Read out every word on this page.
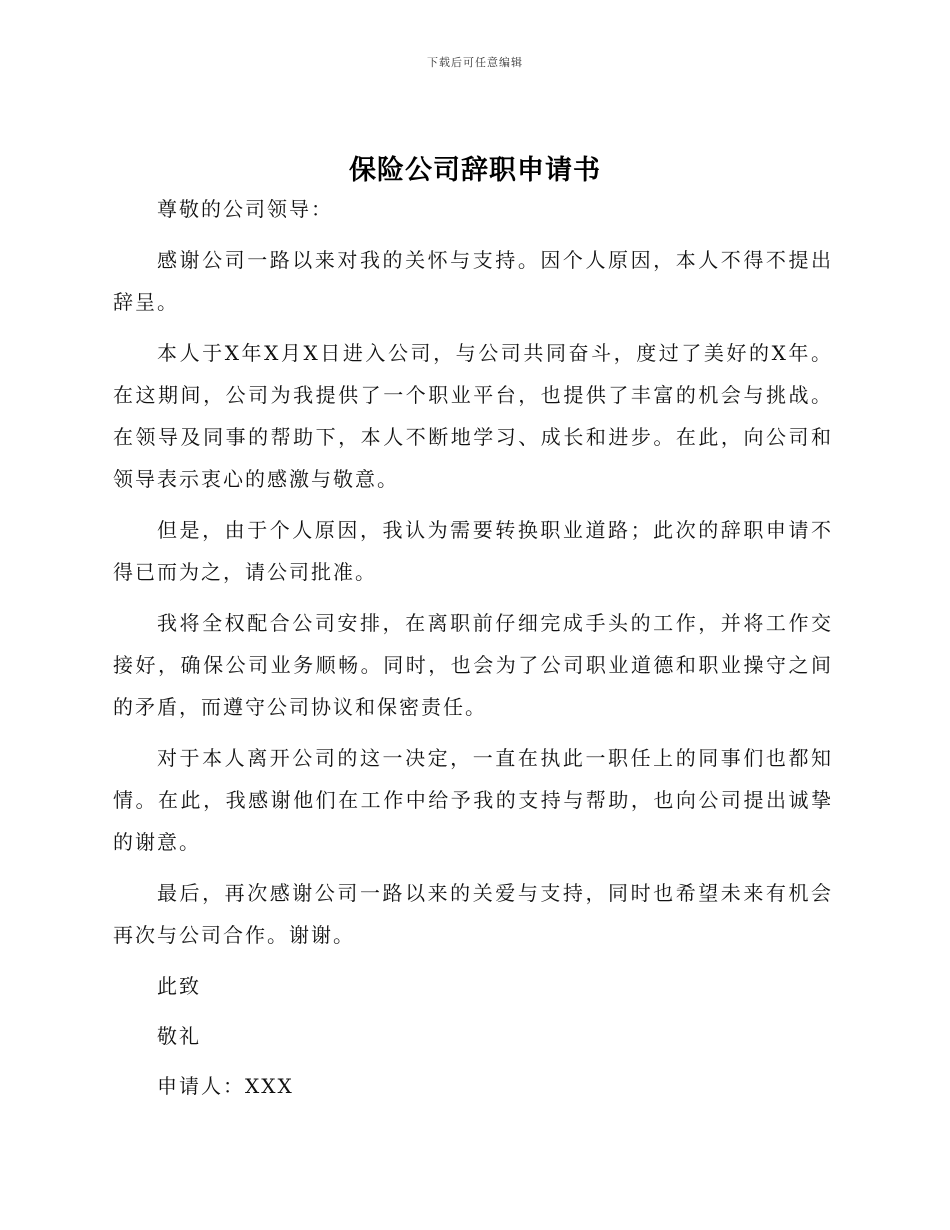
下载后可任意编辑
保险公司辞职申请书

尊敬的公司领导：

感谢公司一路以来对我的关怀与支持。因个人原因，本人不得不提出辞呈。

本人于X年X月X日进入公司，与公司共同奋斗，度过了美好的X年。在这期间，公司为我提供了一个职业平台，也提供了丰富的机会与挑战。在领导及同事的帮助下，本人不断地学习、成长和进步。在此，向公司和领导表示衷心的感激与敬意。

但是，由于个人原因，我认为需要转换职业道路；此次的辞职申请不得已而为之，请公司批准。

我将全权配合公司安排，在离职前仔细完成手头的工作，并将工作交接好，确保公司业务顺畅。同时，也会为了公司职业道德和职业操守之间的矛盾，而遵守公司协议和保密责任。

对于本人离开公司的这一决定，一直在执此一职任上的同事们也都知情。在此，我感谢他们在工作中给予我的支持与帮助，也向公司提出诚挚的谢意。

最后，再次感谢公司一路以来的关爱与支持，同时也希望未来有机会再次与公司合作。谢谢。

此致

敬礼

申请人：XXX
